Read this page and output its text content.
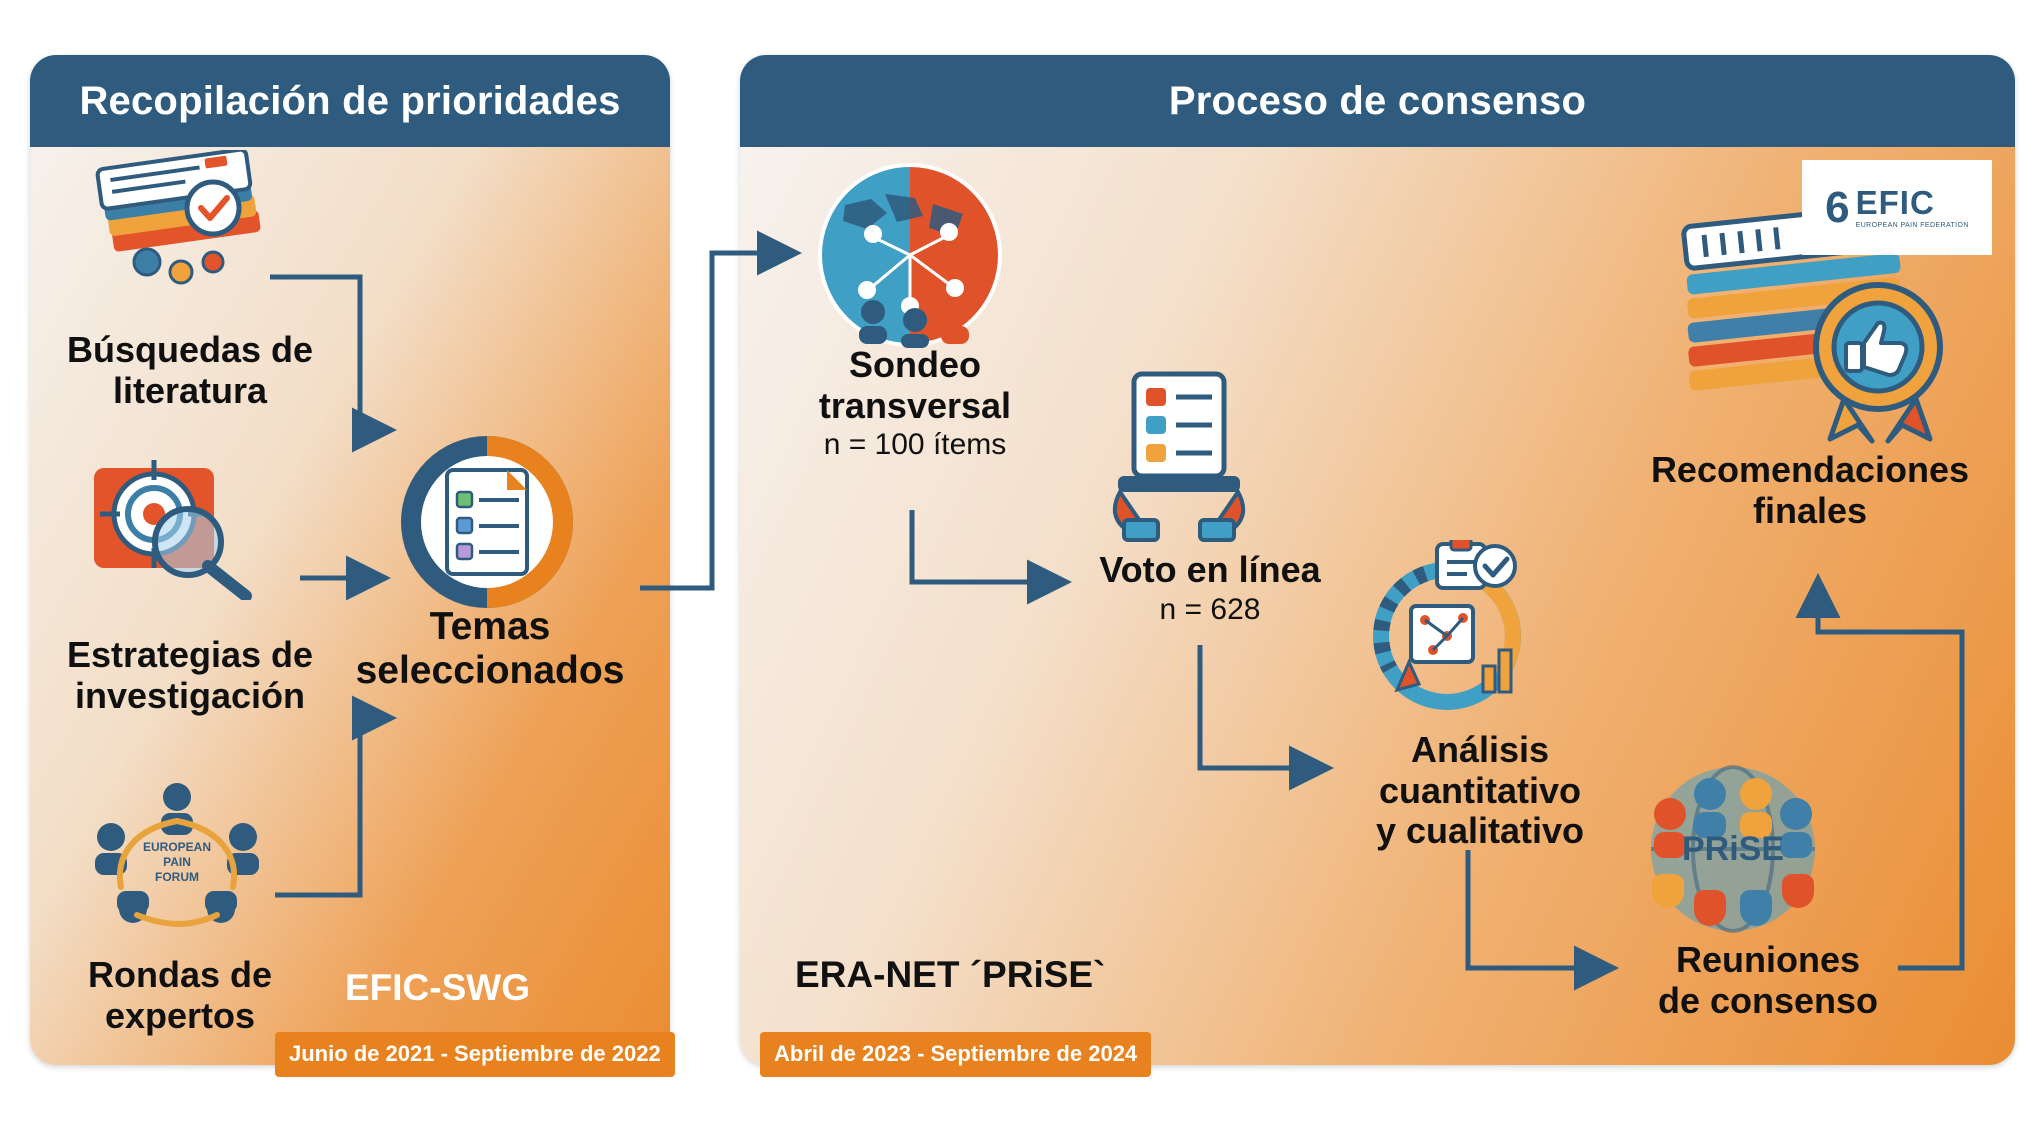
Recopilación de prioridades	Proceso de consenso
Búsquedas de
literatura
Estrategias de
investigación
EUROPEAN
PAIN
FORUM
Rondas de
expertos
Temas
seleccionados
EFIC-SWG
Junio de 2021 - Septiembre de 2022
Sondeo
transversal
n = 100 ítems
Voto en línea
n = 628
Análisis
cuantitativo
y cualitativo	PRiSE
Reuniones
de consenso
Recomendaciones
finales
6 EFIC
EUROPEAN PAIN FEDERATION
ERA-NET ´PRiSE`
Abril de 2023 - Septiembre de 2024
